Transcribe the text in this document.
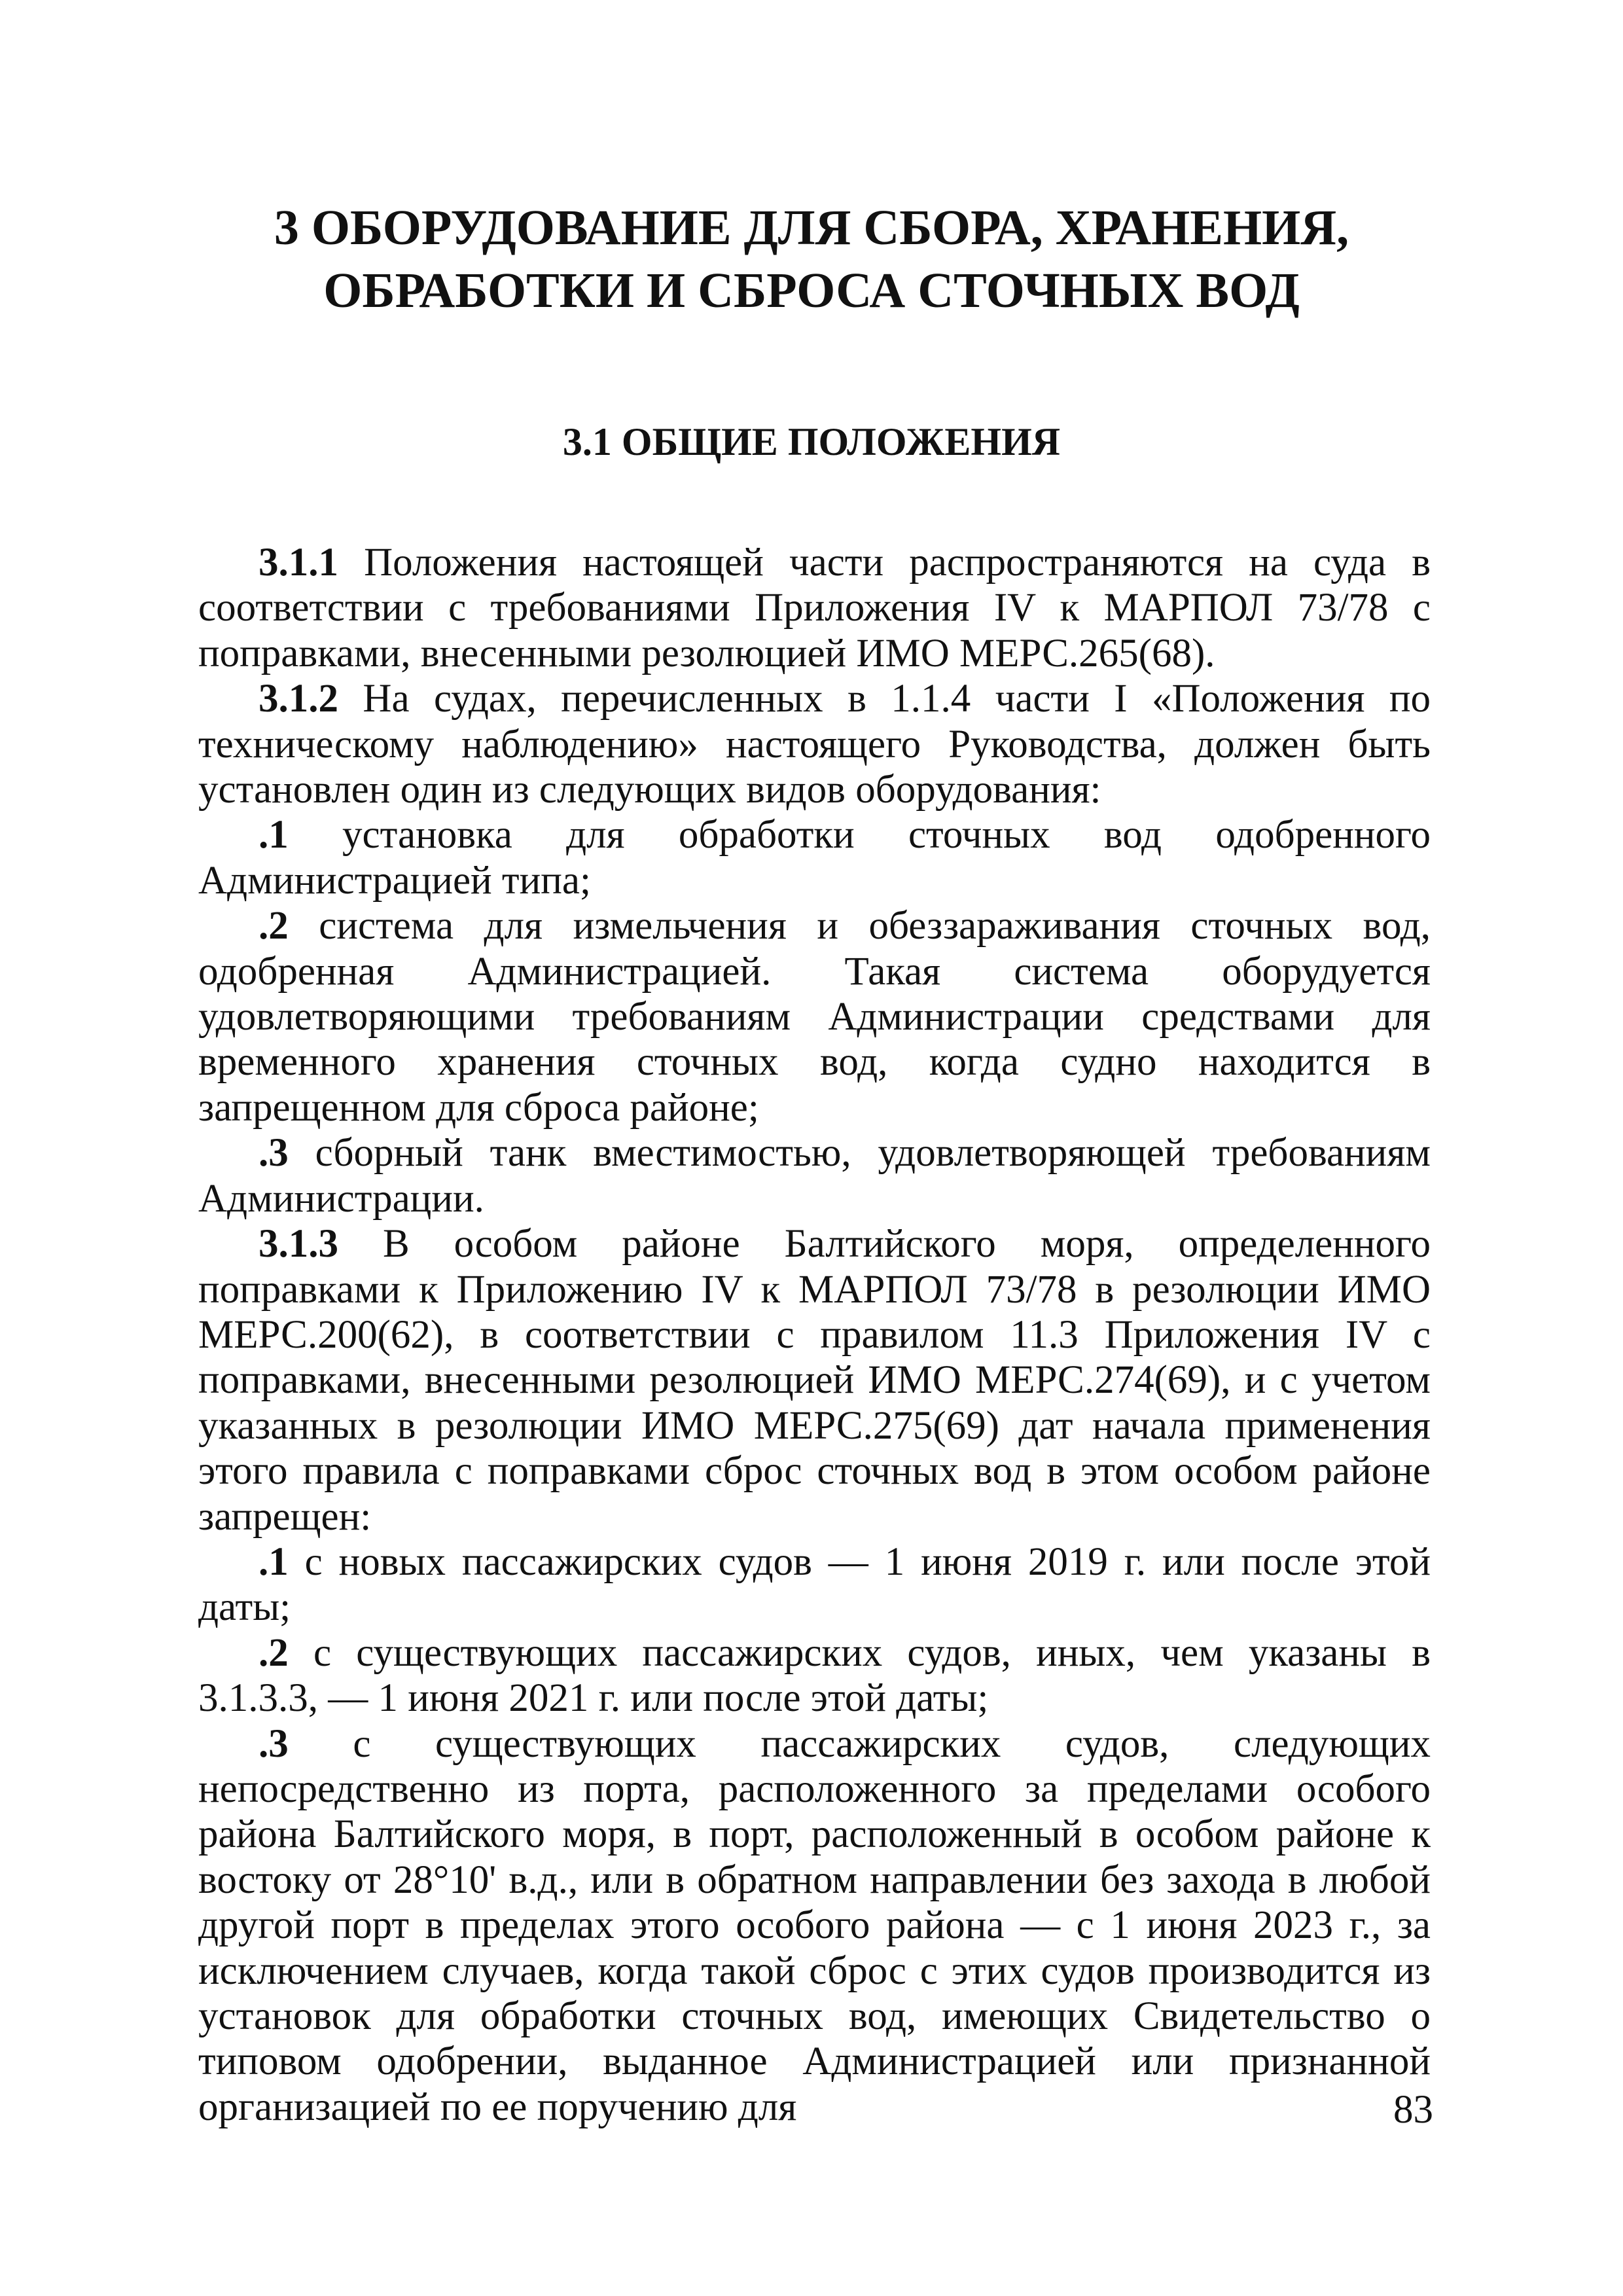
3 ОБОРУДОВАНИЕ ДЛЯ СБОРА, ХРАНЕНИЯ,
ОБРАБОТКИ И СБРОСА СТОЧНЫХ ВОД
3.1 ОБЩИЕ ПОЛОЖЕНИЯ

3.1.1 Положения настоящей части распространяются на суда в соответствии с требованиями Приложения IV к МАРПОЛ 73/78 с поправками, внесенными резолюцией ИМО МЕРС.265(68).

3.1.2 На судах, перечисленных в 1.1.4 части I «Положения по техническому наблюдению» настоящего Руководства, должен быть установлен один из следующих видов оборудования:

.1 установка для обработки сточных вод одобренного Администрацией типа;

.2 система для измельчения и обеззараживания сточных вод, одобренная Администрацией. Такая система оборудуется удовлетворяющими требованиям Администрации средствами для временного хранения сточных вод, когда судно находится в запрещенном для сброса районе;

.3 сборный танк вместимостью, удовлетворяющей требованиям Администрации.

3.1.3 В особом районе Балтийского моря, определенного поправками к Приложению IV к МАРПОЛ 73/78 в резолюции ИМО МЕРС.200(62), в соответствии с правилом 11.3 Приложения IV с поправками, внесенными резолюцией ИМО МЕРС.274(69), и с учетом указанных в резолюции ИМО МЕРС.275(69) дат начала применения этого правила с поправками сброс сточных вод в этом особом районе запрещен:

.1 с новых пассажирских судов — 1 июня 2019 г. или после этой даты;

.2 с существующих пассажирских судов, иных, чем указаны в 3.1.3.3, — 1 июня 2021 г. или после этой даты;

.3 с существующих пассажирских судов, следующих непосредственно из порта, расположенного за пределами особого района Балтийского моря, в порт, расположенный в особом районе к востоку от 28°10' в.д., или в обратном направлении без захода в любой другой порт в пределах этого особого района — с 1 июня 2023 г., за исключением случаев, когда такой сброс с этих судов производится из установок для обработки сточных вод, имеющих Свидетельство о типовом одобрении, выданное Администрацией или признанной организацией по ее поручению для	83
